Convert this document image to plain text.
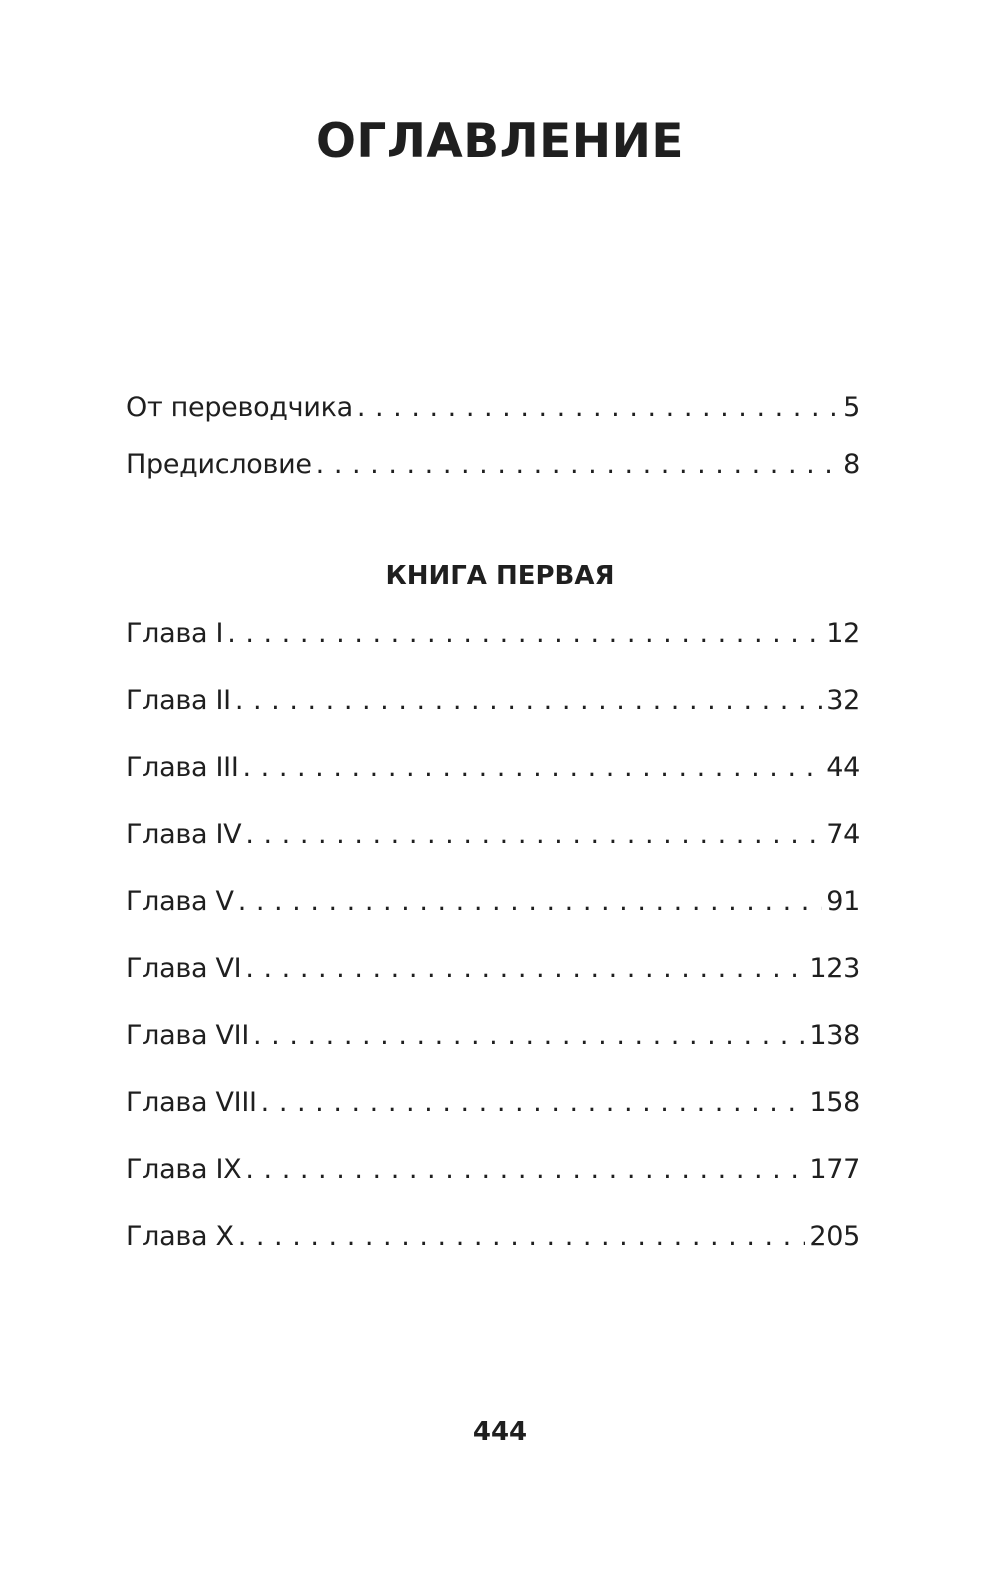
ОГЛАВЛЕНИЕ
От переводчика . . .	5
Предисловие . . .	8
КНИГА ПЕРВАЯ
Глава I . . .	12
Глава II . . .	32
Глава III . . .	44
Глава IV . . .	74
Глава V . . .	91
Глава VI . . .	123
Глава VII . . .	138
Глава VIII . . .	158
Глава IX . . .	177
Глава X . . .	205
444
